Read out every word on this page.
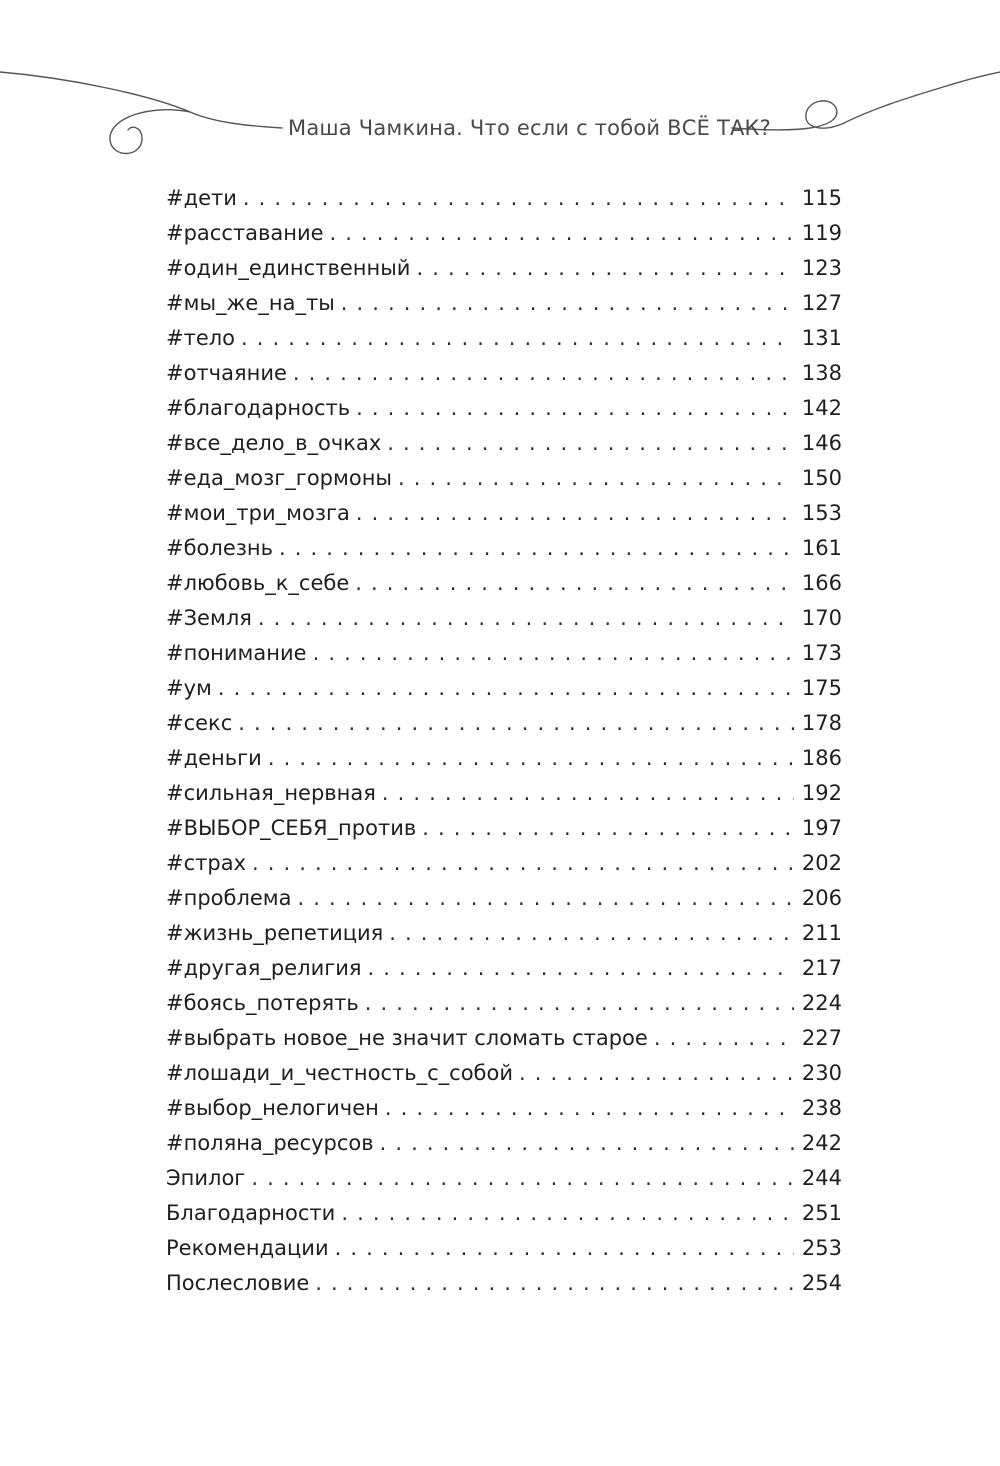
Маша Чамкина. Что если с тобой ВСЁ ТАК?
#дети . . .	115
#расставание . . .	119
#один_единственный . . .	123
#мы_же_на_ты . . .	127
#тело . . .	131
#отчаяние . . .	138
#благодарность . . .	142
#все_дело_в_очках . . .	146
#еда_мозг_гормоны . . .	150
#мои_три_мозга . . .	153
#болезнь . . .	161
#любовь_к_себе . . .	166
#Земля . . .	170
#понимание . . .	173
#ум . . .	175
#секс . . .	178
#деньги . . .	186
#сильная_нервная . . .	192
#ВЫБОР_СЕБЯ_против . . .	197
#страх . . .	202
#проблема . . .	206
#жизнь_репетиция . . .	211
#другая_религия . . .	217
#боясь_потерять . . .	224
#выбрать новое_не значит сломать старое . . .	227
#лошади_и_честность_с_собой . . .	230
#выбор_нелогичен . . .	238
#поляна_ресурсов . . .	242
Эпилог . . .	244
Благодарности . . .	251
Рекомендации . . .	253
Послесловие . . .	254
